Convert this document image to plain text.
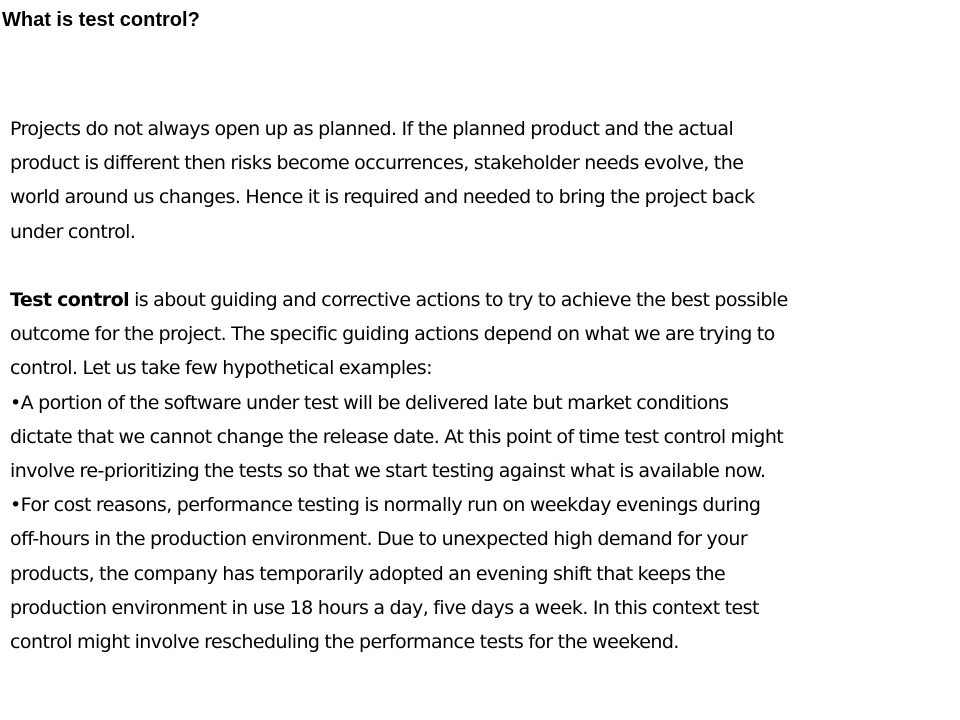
What is test control?
Projects do not always open up as planned. If the planned product and the actual
product is different then risks become occurrences, stakeholder needs evolve, the
world around us changes. Hence it is required and needed to bring the project back
under control.
Test control is about guiding and corrective actions to try to achieve the best possible
outcome for the project. The specific guiding actions depend on what we are trying to
control. Let us take few hypothetical examples:
•A portion of the software under test will be delivered late but market conditions
dictate that we cannot change the release date. At this point of time test control might
involve re-prioritizing the tests so that we start testing against what is available now.
•For cost reasons, performance testing is normally run on weekday evenings during
off-hours in the production environment. Due to unexpected high demand for your
products, the company has temporarily adopted an evening shift that keeps the
production environment in use 18 hours a day, five days a week. In this context test
control might involve rescheduling the performance tests for the weekend.
